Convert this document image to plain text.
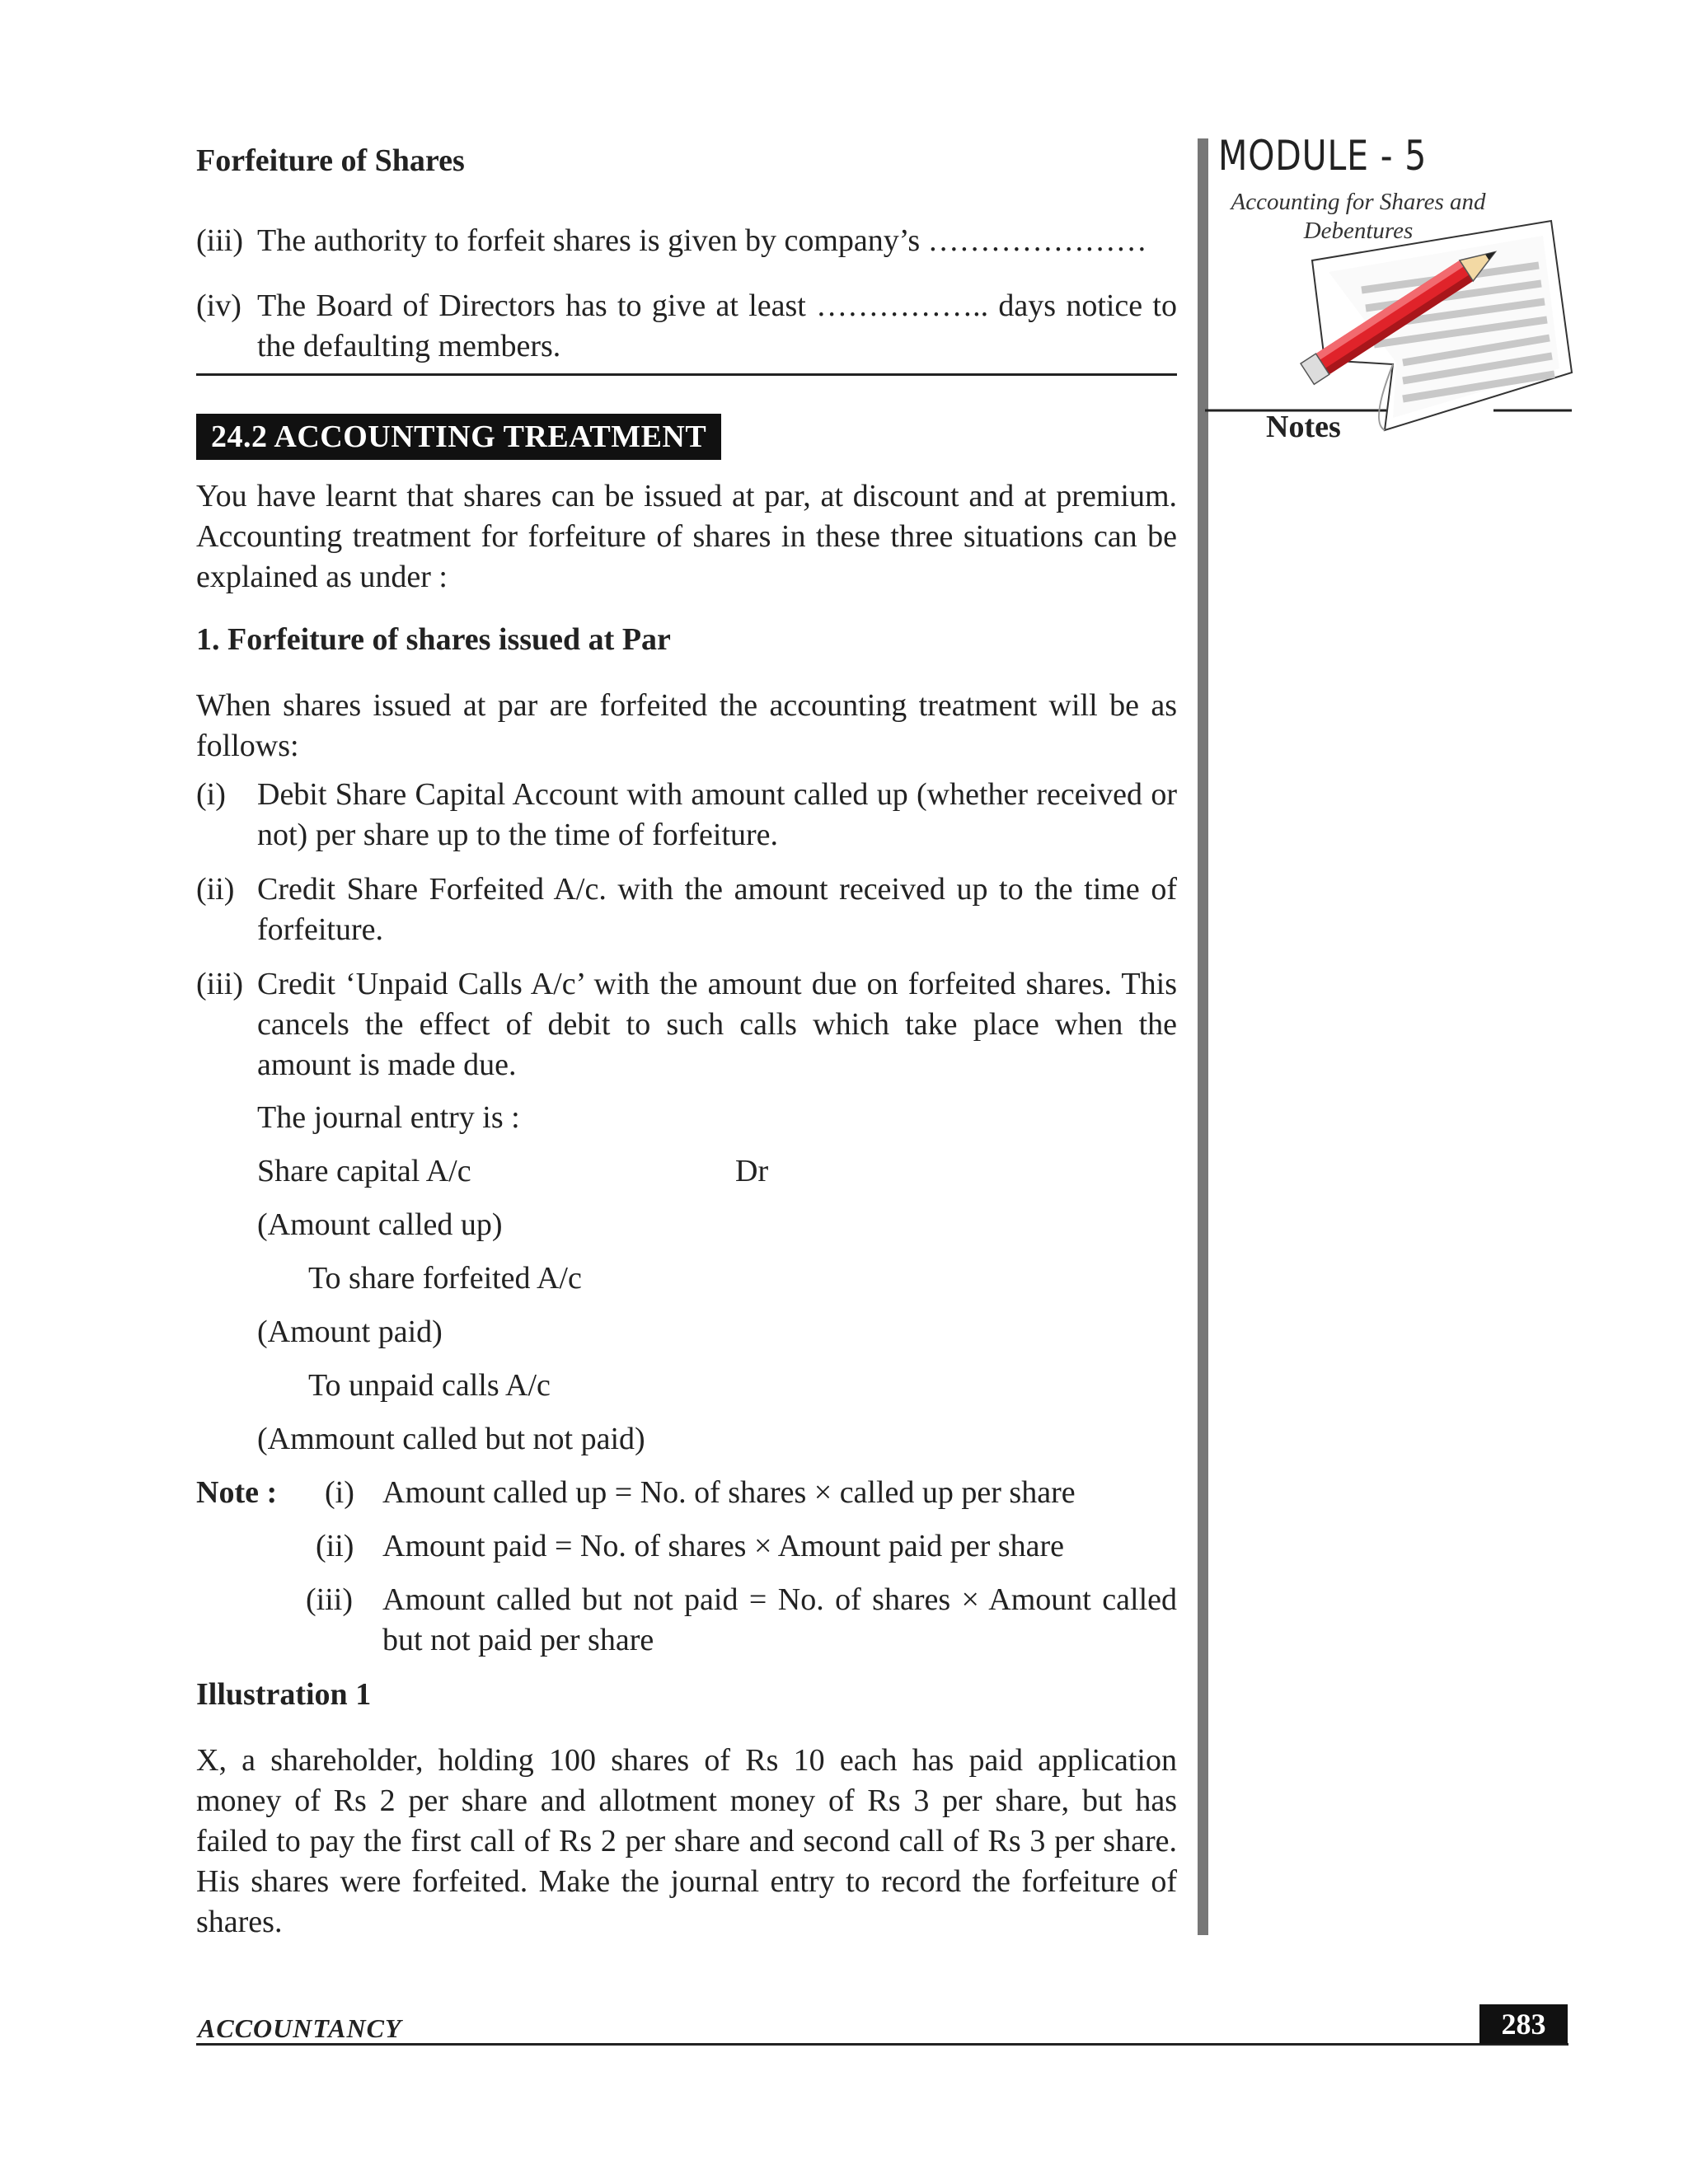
Forfeiture of Shares
(iii) The authority to forfeit shares is given by company’s …………………
(iv) The Board of Directors has to give at least …………….. days notice to the defaulting members.
24.2 ACCOUNTING TREATMENT

You have learnt that shares can be issued at par, at discount and at premium. Accounting treatment for forfeiture of shares in these three situations can be explained as under :

1. Forfeiture of shares issued at Par

When shares issued at par are forfeited the accounting treatment will be as follows:

(i) Debit Share Capital Account with amount called up (whether received or not) per share up to the time of forfeiture.
(ii) Credit Share Forfeited A/c. with the amount received up to the time of forfeiture.
(iii) Credit ‘Unpaid Calls A/c’ with the amount due on forfeited shares. This cancels the effect of debit to such calls which take place when the amount is made due.
The journal entry is :
Share capital A/c	Dr
(Amount called up)
To share forfeited A/c
(Amount paid)
To unpaid calls A/c
(Ammount called but not paid)
Note : (i) Amount called up = No. of shares × called up per share
(ii) Amount paid = No. of shares × Amount paid per share
(iii) Amount called but not paid = No. of shares × Amount called but not paid per share
Illustration 1

X, a shareholder, holding 100 shares of Rs 10 each has paid application money of Rs 2 per share and allotment money of Rs 3 per share, but has failed to pay the first call of Rs 2 per share and second call of Rs 3 per share. His shares were forfeited. Make the journal entry to record the forfeiture of shares.

MODULE - 5
Accounting for Shares and Debentures
Notes
ACCOUNTANCY	283
